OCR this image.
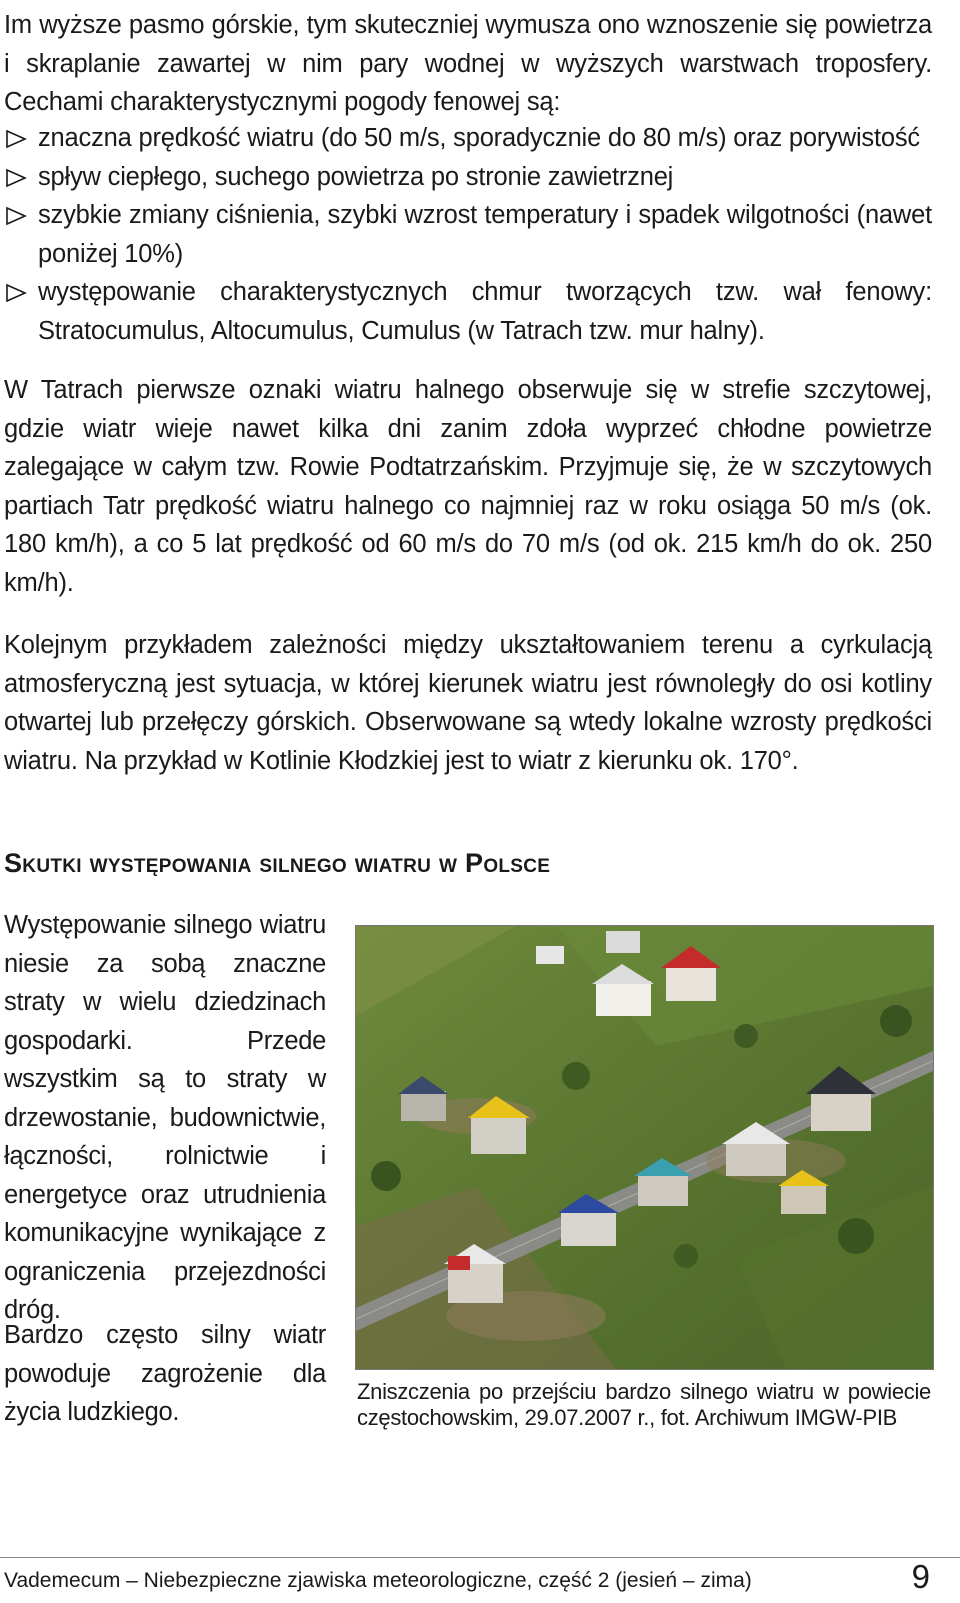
Im wyższe pasmo górskie, tym skuteczniej wymusza ono wznoszenie się powietrza i skraplanie zawartej w nim pary wodnej w wyższych warstwach troposfery. Cechami charakterystycznymi pogody fenowej są:

znaczna prędkość wiatru (do 50 m/s, sporadycznie do 80 m/s) oraz porywistość
spływ ciepłego, suchego powietrza po stronie zawietrznej
szybkie zmiany ciśnienia, szybki wzrost temperatury i spadek wilgotności (nawet poniżej 10%)
występowanie charakterystycznych chmur tworzących tzw. wał fenowy: Stratocumulus, Altocumulus, Cumulus (w Tatrach tzw. mur halny).

W Tatrach pierwsze oznaki wiatru halnego obserwuje się w strefie szczytowej, gdzie wiatr wieje nawet kilka dni zanim zdoła wyprzeć chłodne powietrze zalegające w całym tzw. Rowie Podtatrzańskim. Przyjmuje się, że w szczytowych partiach Tatr prędkość wiatru halnego co najmniej raz w roku osiąga 50 m/s (ok. 180 km/h), a co 5 lat prędkość od 60 m/s do 70 m/s (od ok. 215 km/h do ok. 250 km/h).

Kolejnym przykładem zależności między ukształtowaniem terenu a cyrkulacją atmosferyczną jest sytuacja, w której kierunek wiatru jest równoległy do osi kotliny otwartej lub przełęczy górskich. Obserwowane są wtedy lokalne wzrosty prędkości wiatru. Na przykład w Kotlinie Kłodzkiej jest to wiatr z kierunku ok. 170°.

Skutki występowania silnego wiatru w Polsce

Występowanie silnego wiatru niesie za sobą znaczne straty w wielu dziedzinach gospodarki. Przede wszystkim są to straty w drzewostanie, budownictwie, łączności, rolnictwie i energetyce oraz utrudnienia komunikacyjne wynikające z ograniczenia przejezdności dróg.

Bardzo często silny wiatr powoduje zagrożenie dla życia ludzkiego.

Zniszczenia po przejściu bardzo silnego wiatru w powiecie częstochowskim, 29.07.2007 r., fot. Archiwum IMGW-PIB

Vademecum – Niebezpieczne zjawiska meteorologiczne, część 2 (jesień – zima)	9
